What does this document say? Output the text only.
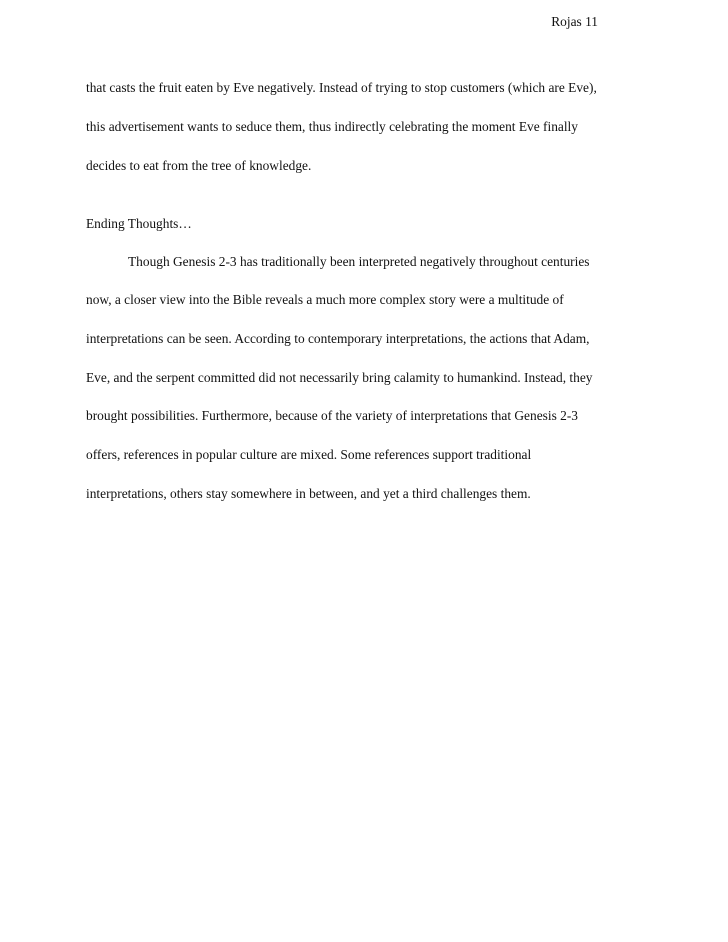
Rojas 11
that casts the fruit eaten by Eve negatively. Instead of trying to stop customers (which are Eve),
this advertisement wants to seduce them, thus indirectly celebrating the moment Eve finally
decides to eat from the tree of knowledge.
Ending Thoughts…
Though Genesis 2-3 has traditionally been interpreted negatively throughout centuries
now, a closer view into the Bible reveals a much more complex story were a multitude of
interpretations can be seen. According to contemporary interpretations, the actions that Adam,
Eve, and the serpent committed did not necessarily bring calamity to humankind. Instead, they
brought possibilities. Furthermore, because of the variety of interpretations that Genesis 2-3
offers, references in popular culture are mixed. Some references support traditional
interpretations, others stay somewhere in between, and yet a third challenges them.
